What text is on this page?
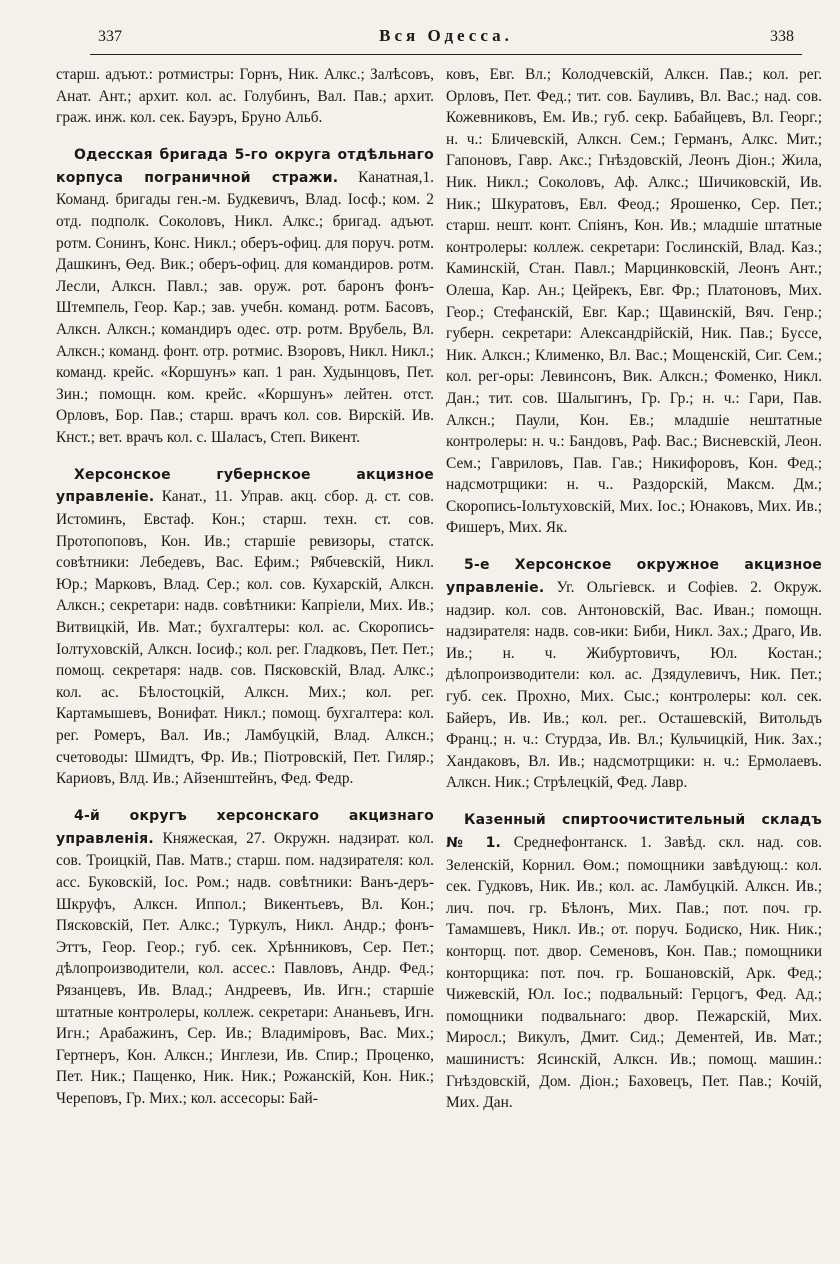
337	Вся Одесса.	338

старш. адъют.: ротмистры: Горнъ, Ник. Алкс.; Залѣсовъ, Анат. Ант.; архит. кол. ас. Голубинъ, Вал. Пав.; архит. граж. инж. кол. сек. Бауэръ, Бруно Альб.

Одесская бригада 5-го округа отдѣльнаго корпуса пограничной стражи. Канатная,1. Команд. бригады ген.-м. Будкевичъ, Влад. Іосф.; ком. 2 отд. подполк. Соколовъ, Никл. Алкс.; бригад. адъют. ротм. Сонинъ, Конс. Никл.; оберъ-офиц. для поруч. ротм. Дашкинъ, Өед. Вик.; оберъ-офиц. для командиров. ротм. Лесли, Алксн. Павл.; зав. оруж. рот. баронъ фонъ-Штемпель, Геор. Кар.; зав. учебн. команд. ротм. Басовъ, Алксн. Алксн.; командиръ одес. отр. ротм. Врубель, Вл. Алксн.; команд. фонт. отр. ротмис. Взоровъ, Никл. Никл.; команд. крейс. «Коршунъ» кап. 1 ран. Худынцовъ, Пет. Зин.; помощн. ком. крейс. «Коршунъ» лейтен. отст. Орловъ, Бор. Пав.; старш. врачъ кол. сов. Вирскій. Ив. Кнст.; вет. врачъ кол. с. Шаласъ, Степ. Викент.

Херсонское губернское акцизное управленіе. Канат., 11. Управ. акц. сбор. д. ст. сов. Истоминъ, Евстаф. Кон.; старш. техн. ст. сов. Протопоповъ, Кон. Ив.; старшіе ревизоры, статск. совѣтники: Лебедевъ, Вас. Ефим.; Рябчевскій, Никл. Юр.; Марковъ, Влад. Сер.; кол. сов. Кухарскій, Алксн. Алксн.; секретари: надв. совѣтники: Капріели, Мих. Ив.; Витвицкій, Ив. Мат.; бухгалтеры: кол. ас. Скоропись-Іолтуховскій, Алксн. Іосиф.; кол. рег. Гладковъ, Пет. Пет.; помощ. секретаря: надв. сов. Пясковскій, Влад. Алкс.; кол. ас. Бѣлостоцкій, Алксн. Мих.; кол. рег. Картамышевъ, Вонифат. Никл.; помощ. бухгалтера: кол. рег. Ромеръ, Вал. Ив.; Ламбуцкій, Влад. Алксн.; счетоводы: Шмидтъ, Фр. Ив.; Піотровскій, Пет. Гиляр.; Кариовъ, Влд. Ив.; Айзенштейнъ, Фед. Федр.

4-й округъ херсонскаго акцизнаго управленія. Княжеская, 27. Окружн. надзират. кол. сов. Троицкій, Пав. Матв.; старш. пом. надзирателя: кол. асс. Буковскій, Іос. Ром.; надв. совѣтники: Ванъ-деръ-Шкруфъ, Алксн. Иппол.; Викентьевъ, Вл. Кон.; Пясковскій, Пет. Алкс.; Туркулъ, Никл. Андр.; фонъ-Эттъ, Геор. Геор.; губ. сек. Хрѣнниковъ, Сер. Пет.; дѣлопроизводители, кол. ассес.: Павловъ, Андр. Фед.; Рязанцевъ, Ив. Влад.; Андреевъ, Ив. Игн.; старшіе штатные контролеры, коллеж. секретари: Ананьевъ, Игн. Игн.; Арабажинъ, Сер. Ив.; Владиміровъ, Вас. Мих.; Гертнеръ, Кон. Алксн.; Инглези, Ив. Спир.; Проценко, Пет. Ник.; Пащенко, Ник. Ник.; Рожанскій, Кон. Ник.; Череповъ, Гр. Мих.; кол. ассесоры: Бай-

ковъ, Евг. Вл.; Колодчевскій, Алксн. Пав.; кол. рег. Орловъ, Пет. Фед.; тит. сов. Бауливъ, Вл. Вас.; над. сов. Кожевниковъ, Ем. Ив.; губ. секр. Бабайцевъ, Вл. Георг.; н. ч.: Бличевскій, Алксн. Сем.; Германъ, Алкс. Мит.; Гапоновъ, Гавр. Акс.; Гнѣздовскій, Леонъ Діон.; Жила, Ник. Никл.; Соколовъ, Аф. Алкс.; Шичиковскій, Ив. Ник.; Шкуратовъ, Евл. Феод.; Ярошенко, Сер. Пет.; старш. нешт. конт. Спіянъ, Кон. Ив.; младшіе штатные контролеры: коллеж. секретари: Гослинскій, Влад. Каз.; Каминскій, Стан. Павл.; Марцинковскій, Леонъ Ант.; Олеша, Кар. Ан.; Цейрекъ, Евг. Фр.; Платоновъ, Мих. Геор.; Стефанскій, Евг. Кар.; Щавинскій, Вяч. Генр.; губерн. секретари: Александрійскій, Ник. Пав.; Бyссе, Ник. Алксн.; Клименко, Вл. Вас.; Мощенскій, Сиг. Сем.; кол. рег-оры: Левинсонъ, Вик. Алксн.; Фоменко, Никл. Дан.; тит. сов. Шалыгинъ, Гр. Гр.; н. ч.: Гари, Пав. Алксн.; Паули, Кон. Ев.; младшіе нештатные контролеры: н. ч.: Бандовъ, Раф. Вас.; Висневскій, Леон. Сем.; Гавриловъ, Пав. Гав.; Никифоровъ, Кон. Фед.; надсмотрщики: н. ч.. Раздорскій, Максм. Дм.; Скоропись-Іольтуховскій, Мих. Іос.; Юнаковъ, Мих. Ив.; Фишеръ, Мих. Як.

5-е Херсонское окружное акцизное управленіе. Уг. Ольгіевск. и Софіев. 2. Окруж. надзир. кол. сов. Антоновскій, Вас. Иван.; помощн. надзирателя: надв. сов-ики: Биби, Никл. Зах.; Драго, Ив. Ив.; н. ч. Жибуртовичъ, Юл. Костан.; дѣлопроизводители: кол. ас. Дзядулевичъ, Ник. Пет.; губ. сек. Прохно, Мих. Сыс.; контролеры: кол. сек. Байеръ, Ив. Ив.; кол. рег.. Осташевскій, Витольдъ Франц.; н. ч.: Стурдза, Ив. Вл.; Кульчицкій, Ник. Зах.; Хандаковъ, Вл. Ив.; надсмотрщики: н. ч.: Ермолаевъ. Алксн. Ник.; Стрѣлецкій, Фед. Лавр.

Казенный спиртоочистительный складъ № 1. Среднефонтанск. 1. Завѣд. скл. над. сов. Зеленскій, Корнил. Өом.; помощники завѣдующ.: кол. сек. Гудковъ, Ник. Ив.; кол. ас. Ламбуцкій. Алксн. Ив.; лич. поч. гр. Бѣлонъ, Мих. Пав.; пот. поч. гр. Тамамшевъ, Никл. Ив.; от. поруч. Бодиско, Ник. Ник.; конторщ. пот. двор. Семеновъ, Кон. Пав.; помощники конторщика: пот. поч. гр. Бошановскій, Арк. Фед.; Чижевскій, Юл. Іос.; подвальный: Герцогъ, Фед. Ад.; помощники подвальнаго: двор. Пежарскій, Мих. Миросл.; Викулъ, Дмит. Сид.; Дементей, Ив. Мат.; машинистъ: Ясинскій, Алксн. Ив.; помощ. машин.: Гнѣздовскій, Дом. Діон.; Баховецъ, Пет. Пав.; Кочій, Мих. Дан.
